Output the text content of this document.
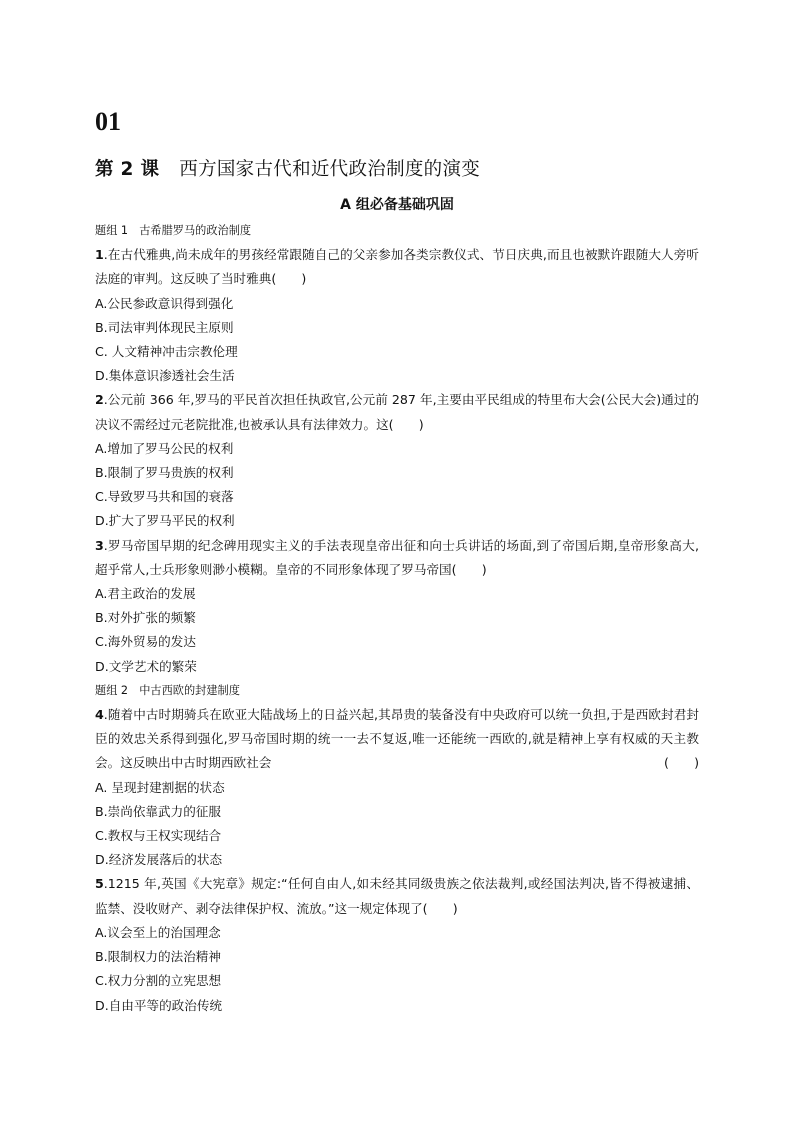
01
第 2 课 西方国家古代和近代政治制度的演变
A 组必备基础巩固
题组 1　古希腊罗马的政治制度
1.在古代雅典,尚未成年的男孩经常跟随自己的父亲参加各类宗教仪式、节日庆典,而且也被默许跟随大人旁听法庭的审判。这反映了当时雅典(　　)
A.公民参政意识得到强化
B.司法审判体现民主原则
C. 人文精神冲击宗教伦理
D.集体意识渗透社会生活
2.公元前 366 年,罗马的平民首次担任执政官,公元前 287 年,主要由平民组成的特里布大会(公民大会)通过的决议不需经过元老院批准,也被承认具有法律效力。这(　　)
A.增加了罗马公民的权利
B.限制了罗马贵族的权利
C.导致罗马共和国的衰落
D.扩大了罗马平民的权利
3.罗马帝国早期的纪念碑用现实主义的手法表现皇帝出征和向士兵讲话的场面,到了帝国后期,皇帝形象高大,超乎常人,士兵形象则渺小模糊。皇帝的不同形象体现了罗马帝国(　　)
A.君主政治的发展
B.对外扩张的频繁
C.海外贸易的发达
D.文学艺术的繁荣
题组 2　中古西欧的封建制度
4.随着中古时期骑兵在欧亚大陆战场上的日益兴起,其昂贵的装备没有中央政府可以统一负担,于是西欧封君封臣的效忠关系得到强化,罗马帝国时期的统一一去不复返,唯一还能统一西欧的,就是精神上享有权威的天主教会。这反映出中古时期西欧社会	(　　)
A. 呈现封建割据的状态
B.崇尚依靠武力的征服
C.教权与王权实现结合
D.经济发展落后的状态
5.1215 年,英国《大宪章》规定:“任何自由人,如未经其同级贵族之依法裁判,或经国法判决,皆不得被逮捕、监禁、没收财产、剥夺法律保护权、流放。”这一规定体现了(　　)
A.议会至上的治国理念
B.限制权力的法治精神
C.权力分割的立宪思想
D.自由平等的政治传统
